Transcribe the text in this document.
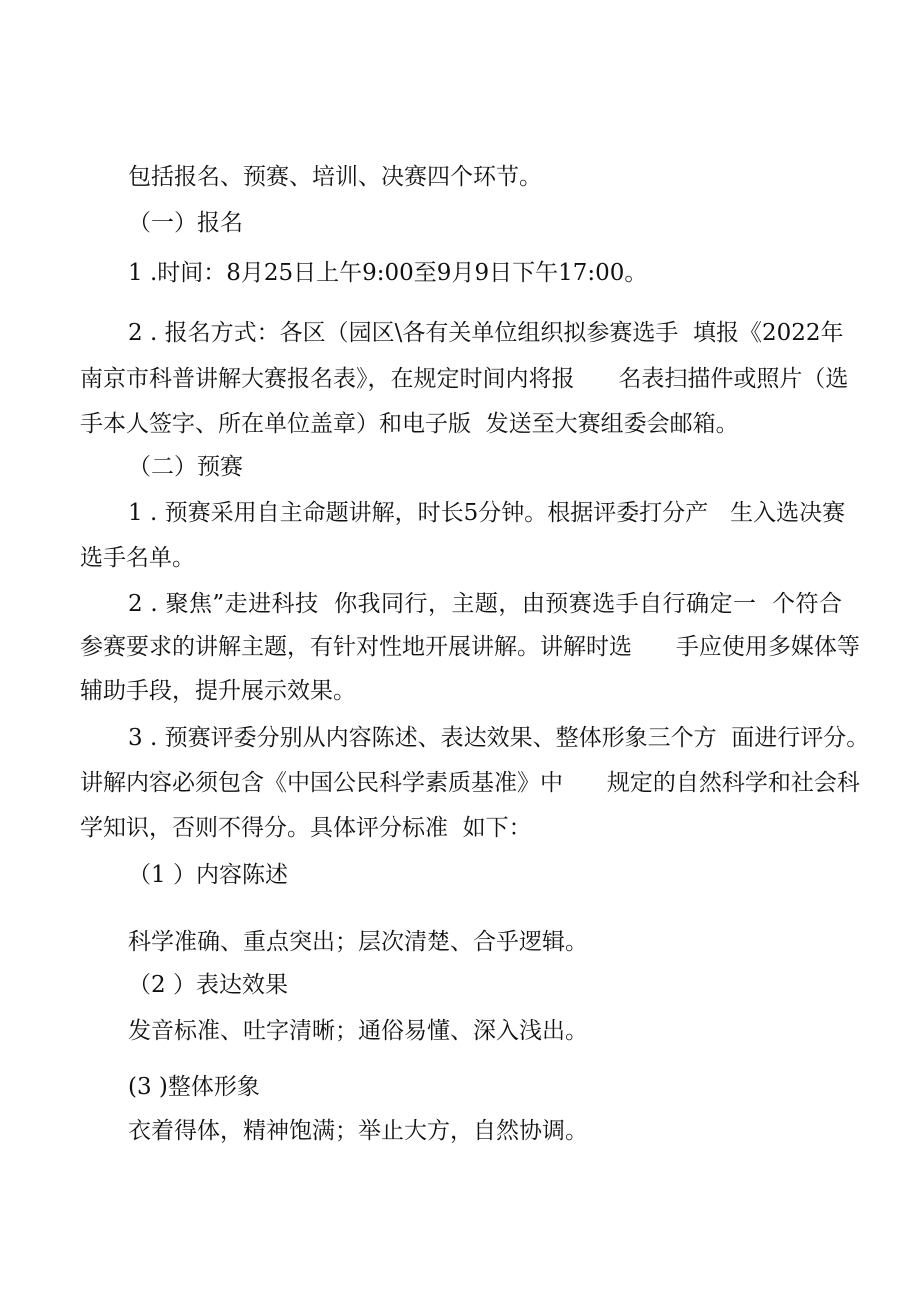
包括报名、预赛、培训、决赛四个环节。
（一）报名
1 .时间：8月25日上午9:00至9月9日下午17:00。
2 . 报名方式：各区（园区\各有关单位组织拟参赛选手  填报《2022年
南京市科普讲解大赛报名表》，在规定时间内将报      名表扫描件或照片（选
手本人签字、所在单位盖章）和电子版  发送至大赛组委会邮箱。
（二）预赛
1 . 预赛采用自主命题讲解，时长5分钟。根据评委打分产   生入选决赛
选手名单。
2 . 聚焦”走进科技  你我同行，主题，由预赛选手自行确定一  个符合
参赛要求的讲解主题，有针对性地开展讲解。讲解时选      手应使用多媒体等
辅助手段，提升展示效果。
3 . 预赛评委分别从内容陈述、表达效果、整体形象三个方  面进行评分。
讲解内容必须包含《中国公民科学素质基准》中      规定的自然科学和社会科
学知识，否则不得分。具体评分标准  如下：
（1 ）内容陈述
科学准确、重点突出；层次清楚、合乎逻辑。
（2 ）表达效果
发音标准、吐字清晰；通俗易懂、深入浅出。
(3 )整体形象
衣着得体，精神饱满；举止大方，自然协调。
